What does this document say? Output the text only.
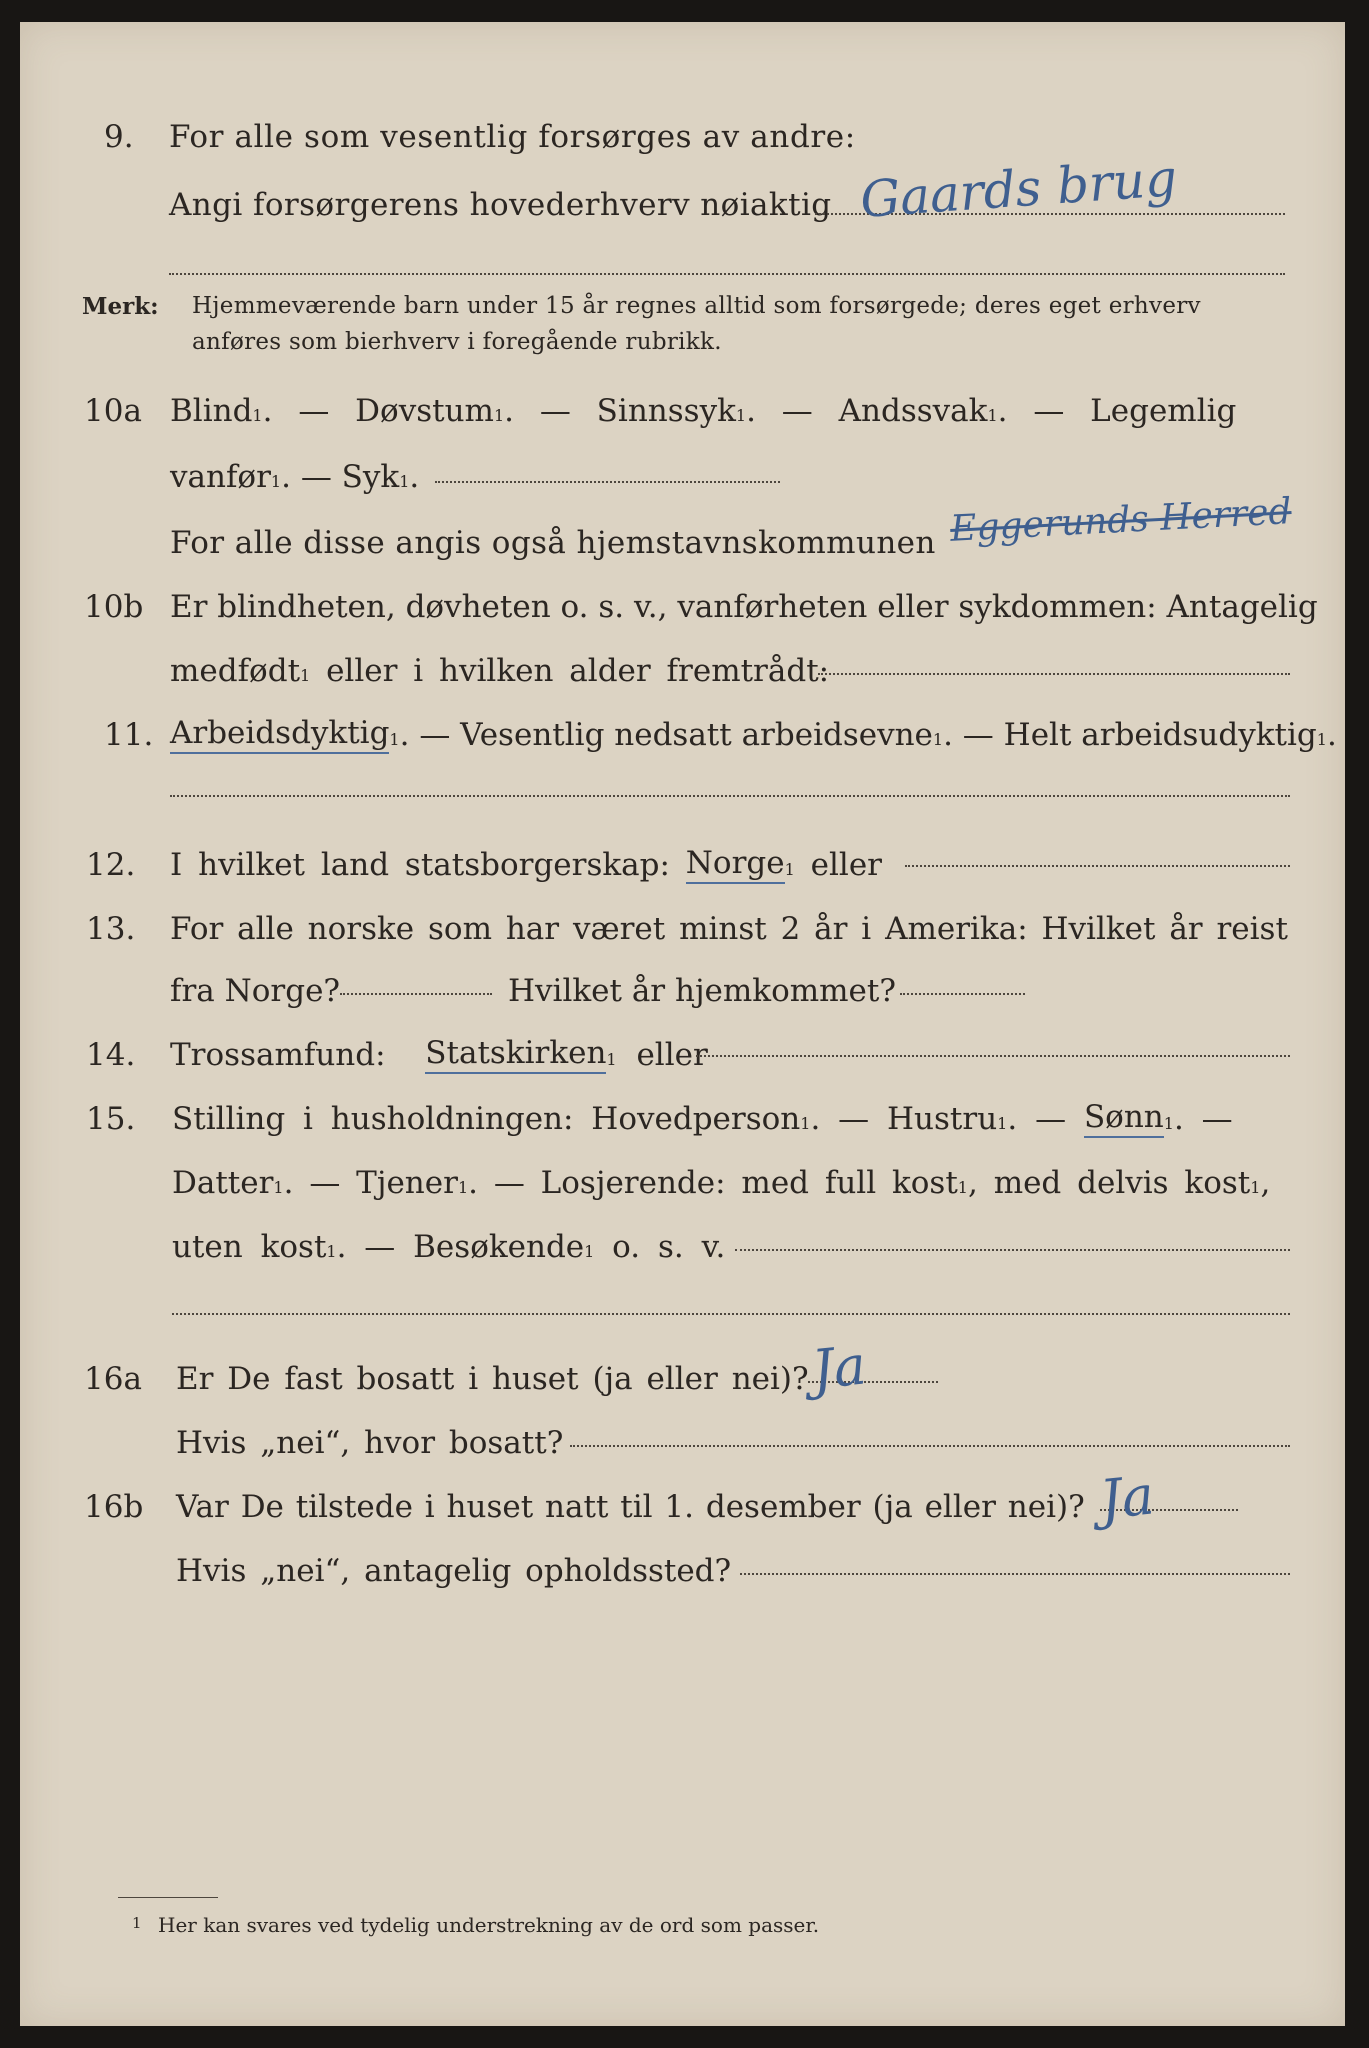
9. For alle som vesentlig forsørges av andre:
Angi forsørgerens hovederhverv nøiaktig Gaards brug
Merk: Hjemmeværende barn under 15 år regnes alltid som forsørgede; deres eget erhverv
anføres som bierhverv i foregående rubrikk.
10a Blind$^1$ . — Døvstum$^1$ . — Sinnssyk$^1$ . — Andssvak$^1$ . — Legemlig
vanfør$^1$ . — Syk$^1$ .
For alle disse angis også hjemstavnskommunen Eggerunds Herred
10b Er blindheten, døvheten o. s. v., vanførheten eller sykdommen: Antagelig
medfødt$^1$ eller i hvilken alder fremtrådt:
11. Arbeidsdyktig$^1$ . — Vesentlig nedsatt arbeidsevne$^1$ . — Helt arbeidsudyktig$^1$ .
12. I hvilket land statsborgerskap:
Norge$^1$ eller
13. For alle norske som har været minst 2 år i Amerika: Hvilket år reist
fra Norge?	Hvilket år hjemkommet?
14. Trossamfund:
Statskirken$^1$ eller
15. Stilling i husholdningen: Hovedperson$^1$ . — Hustru$^1$ . —
Sønn$^1$ . —
Datter$^1$ . — Tjener$^1$ . — Losjerende: med full kost$^1$ , med delvis kost$^1$ ,
uten kost$^1$ . — Besøkende$^1$ o. s. v.
16a Er De fast bosatt i huset (ja eller nei)? Ja
Hvis „nei“, hvor bosatt?
16b Var De tilstede i huset natt til 1. desember (ja eller nei)? Ja
Hvis „nei“, antagelig opholdssted?
1 Her kan svares ved tydelig understrekning av de ord som passer.
